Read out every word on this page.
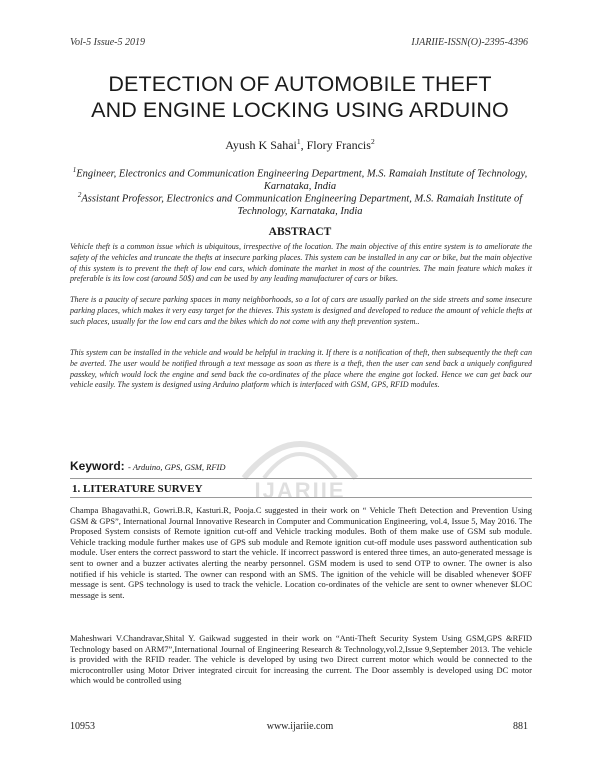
Vol-5 Issue-5 2019	IJARIIE-ISSN(O)-2395-4396
DETECTION OF AUTOMOBILE THEFT
AND ENGINE LOCKING USING ARDUINO
Ayush K Sahai$^1$, Flory Francis$^2$
$^1$Engineer, Electronics and Communication Engineering Department, M.S. Ramaiah Institute of Technology, Karnataka, India
$^2$Assistant Professor, Electronics and Communication Engineering Department, M.S. Ramaiah Institute of Technology, Karnataka, India
ABSTRACT

Vehicle theft is a common issue which is ubiquitous, irrespective of the location. The main objective of this entire system is to ameliorate the safety of the vehicles and truncate the thefts at insecure parking places. This system can be installed in any car or bike, but the main objective of this system is to prevent the theft of low end cars, which dominate the market in most of the countries. The main feature which makes it preferable is its low cost (around 50$) and can be used by any leading manufacturer of cars or bikes.

There is a paucity of secure parking spaces in many neighborhoods, so a lot of cars are usually parked on the side streets and some insecure parking places, which makes it very easy target for the thieves. This system is designed and developed to reduce the amount of vehicle thefts at such places, usually for the low end cars and the bikes which do not come with any theft prevention system..

This system can be installed in the vehicle and would be helpful in tracking it. If there is a notification of theft, then subsequently the theft can be averted. The user would be notified through a text message as soon as there is a theft, then the user can send back a uniquely configured passkey, which would lock the engine and send back the co-ordinates of the place where the engine got locked. Hence we can get back our vehicle easily. The system is designed using Arduino platform which is interfaced with GSM, GPS, RFID modules.

IJARIIE
Keyword: - Arduino, GPS, GSM, RFID
1. LITERATURE SURVEY

Champa Bhagavathi.R, Gowri.B.R, Kasturi.R, Pooja.C suggested in their work on “ Vehicle Theft Detection and Prevention Using GSM & GPS”, International Journal Innovative Research in Computer and Communication Engineering, vol.4, Issue 5, May 2016. The Proposed System consists of Remote ignition cut-off and Vehicle tracking modules. Both of them make use of GSM sub module. Vehicle tracking module further makes use of GPS sub module and Remote ignition cut-off module uses password authentication sub module. User enters the correct password to start the vehicle. If incorrect password is entered three times, an auto-generated message is sent to owner and a buzzer activates alerting the nearby personnel. GSM modem is used to send OTP to owner. The owner is also notified if his vehicle is started. The owner can respond with an SMS. The ignition of the vehicle will be disabled whenever $OFF message is sent. GPS technology is used to track the vehicle. Location co-ordinates of the vehicle are sent to owner whenever $LOC message is sent.

Maheshwari V.Chandravar,Shital Y. Gaikwad suggested in their work on “Anti-Theft Security System Using GSM,GPS &RFID Technology based on ARM7”,International Journal of Engineering Research & Technology,vol.2,Issue 9,September 2013. The vehicle is provided with the RFID reader. The vehicle is developed by using two Direct current motor which would be connected to the microcontroller using Motor Driver integrated circuit for increasing the current. The Door assembly is developed using DC motor which would be controlled using

10953	www.ijariie.com	881
